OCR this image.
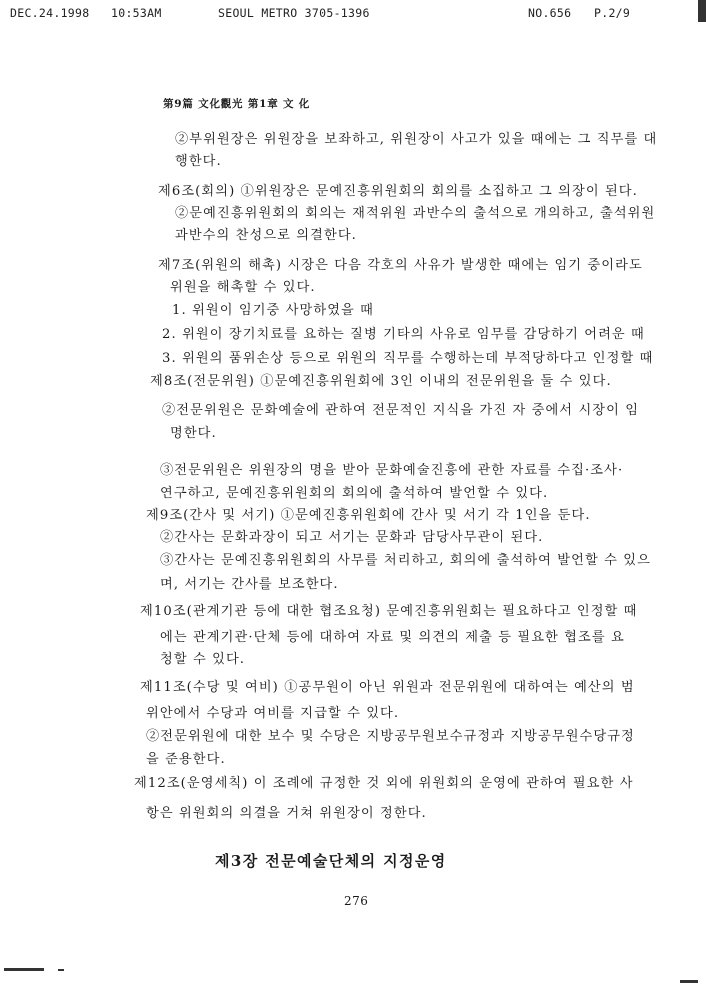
DEC.24.1998 10:53AM	SEOUL METRO 3705-1396	NO.656 P.2/9
第9篇 文化觀光 第1章 文 化
②부위원장은 위원장을 보좌하고, 위원장이 사고가 있을 때에는 그 직무를 대
행한다.
제6조(회의) ①위원장은 문예진흥위원회의 회의를 소집하고 그 의장이 된다.
②문예진흥위원회의 회의는 재적위원 과반수의 출석으로 개의하고, 출석위원
과반수의 찬성으로 의결한다.
제7조(위원의 해촉) 시장은 다음 각호의 사유가 발생한 때에는 임기 중이라도
위원을 해촉할 수 있다.
1. 위원이 임기중 사망하였을 때
2. 위원이 장기치료를 요하는 질병 기타의 사유로 임무를 감당하기 어려운 때
3. 위원의 품위손상 등으로 위원의 직무를 수행하는데 부적당하다고 인정할 때
제8조(전문위원) ①문예진흥위원회에 3인 이내의 전문위원을 둘 수 있다.
②전문위원은 문화예술에 관하여 전문적인 지식을 가진 자 중에서 시장이 임
명한다.
③전문위원은 위원장의 명을 받아 문화예술진흥에 관한 자료를 수집·조사·
연구하고, 문예진흥위원회의 회의에 출석하여 발언할 수 있다.
제9조(간사 및 서기) ①문예진흥위원회에 간사 및 서기 각 1인을 둔다.
②간사는 문화과장이 되고 서기는 문화과 담당사무관이 된다.
③간사는 문예진흥위원회의 사무를 처리하고, 회의에 출석하여 발언할 수 있으
며, 서기는 간사를 보조한다.
제10조(관계기관 등에 대한 협조요청) 문예진흥위원회는 필요하다고 인정할 때
에는 관계기관·단체 등에 대하여 자료 및 의견의 제출 등 필요한 협조를 요
청할 수 있다.
제11조(수당 및 여비) ①공무원이 아닌 위원과 전문위원에 대하여는 예산의 범
위안에서 수당과 여비를 지급할 수 있다.
②전문위원에 대한 보수 및 수당은 지방공무원보수규정과 지방공무원수당규정
을 준용한다.
제12조(운영세칙) 이 조례에 규정한 것 외에 위원회의 운영에 관하여 필요한 사
항은 위원회의 의결을 거쳐 위원장이 정한다.
제3장 전문예술단체의 지정운영
276
